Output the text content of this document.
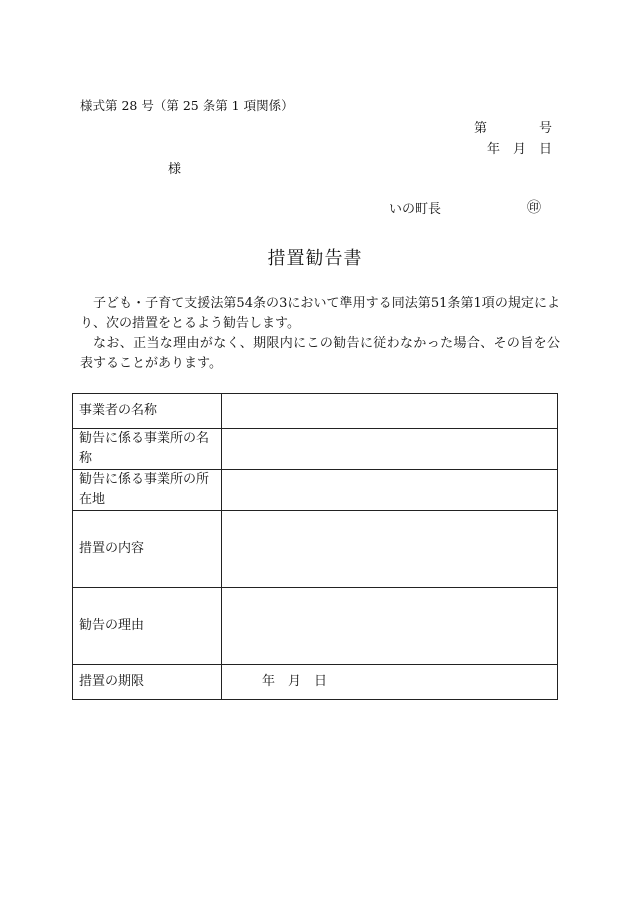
様式第 28 号（第 25 条第 1 項関係）
第　　　　号
年　月　日
様
いの町長	㊞
措置勧告書

子ども・子育て支援法第54条の3において準用する同法第51条第1項の規定により、次の措置をとるよう勧告します。

なお、正当な理由がなく、期限内にこの勧告に従わなかった場合、その旨を公表することがあります。

事業者の名称	
勧告に係る事業所の名称	
勧告に係る事業所の所在地	
措置の内容	
勧告の理由	
措置の期限	年　月　日
